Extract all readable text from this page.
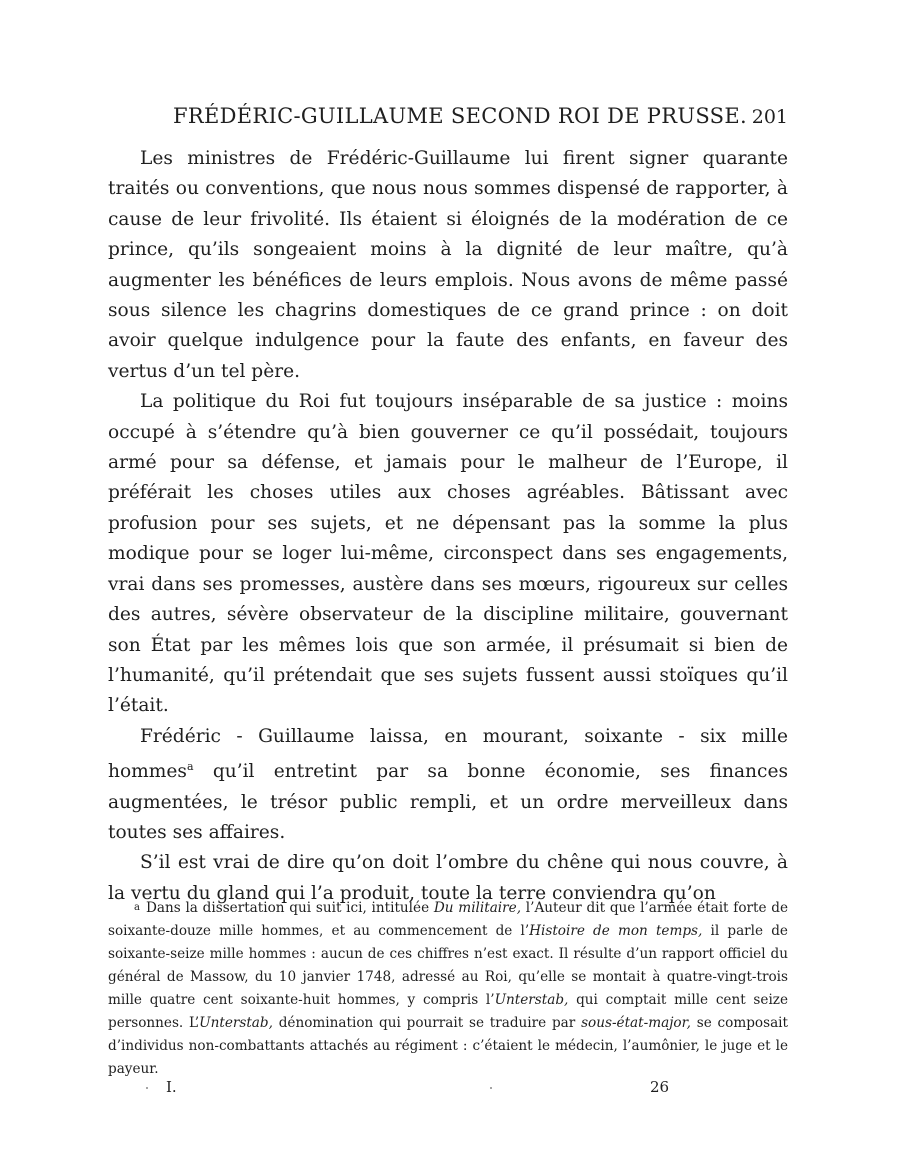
FRÉDÉRIC-GUILLAUME SECOND ROI DE PRUSSE. 201

Les ministres de Frédéric-Guillaume lui firent signer quarante traités ou conventions, que nous nous sommes dispensé de rapporter, à cause de leur frivolité. Ils étaient si éloignés de la modération de ce prince, qu’ils songeaient moins à la dignité de leur maître, qu’à augmenter les bénéfices de leurs emplois. Nous avons de même passé sous silence les chagrins domestiques de ce grand prince : on doit avoir quelque indulgence pour la faute des enfants, en faveur des vertus d’un tel père.

La politique du Roi fut toujours inséparable de sa justice : moins occupé à s’étendre qu’à bien gouverner ce qu’il possédait, toujours armé pour sa défense, et jamais pour le malheur de l’Europe, il préférait les choses utiles aux choses agréables. Bâtissant avec profusion pour ses sujets, et ne dépensant pas la somme la plus modique pour se loger lui-même, circonspect dans ses engagements, vrai dans ses promesses, austère dans ses mœurs, rigoureux sur celles des autres, sévère observateur de la discipline militaire, gouvernant son État par les mêmes lois que son armée, il présumait si bien de l’humanité, qu’il prétendait que ses sujets fussent aussi stoïques qu’il l’était.

Frédéric - Guillaume laissa, en mourant, soixante - six mille hommes$^a$ qu’il entretint par sa bonne économie, ses finances augmentées, le trésor public rempli, et un ordre merveilleux dans toutes ses affaires.

S’il est vrai de dire qu’on doit l’ombre du chêne qui nous couvre, à la vertu du gland qui l’a produit, toute la terre conviendra qu’on

a Dans la dissertation qui suit ici, intitulée Du militaire, l’Auteur dit que l’armée était forte de soixante-douze mille hommes, et au commencement de l’Histoire de mon temps, il parle de soixante-seize mille hommes : aucun de ces chiffres n’est exact. Il résulte d’un rapport officiel du général de Massow, du 10 janvier 1748, adressé au Roi, qu’elle se montait à quatre-vingt-trois mille quatre cent soixante-huit hommes, y compris l’Unterstab, qui comptait mille cent seize personnes. L’Unterstab, dénomination qui pourrait se traduire par sous-état-major, se composait d’individus non-combattants attachés au régiment : c’étaient le médecin, l’aumônier, le juge et le payeur.

I.	26
